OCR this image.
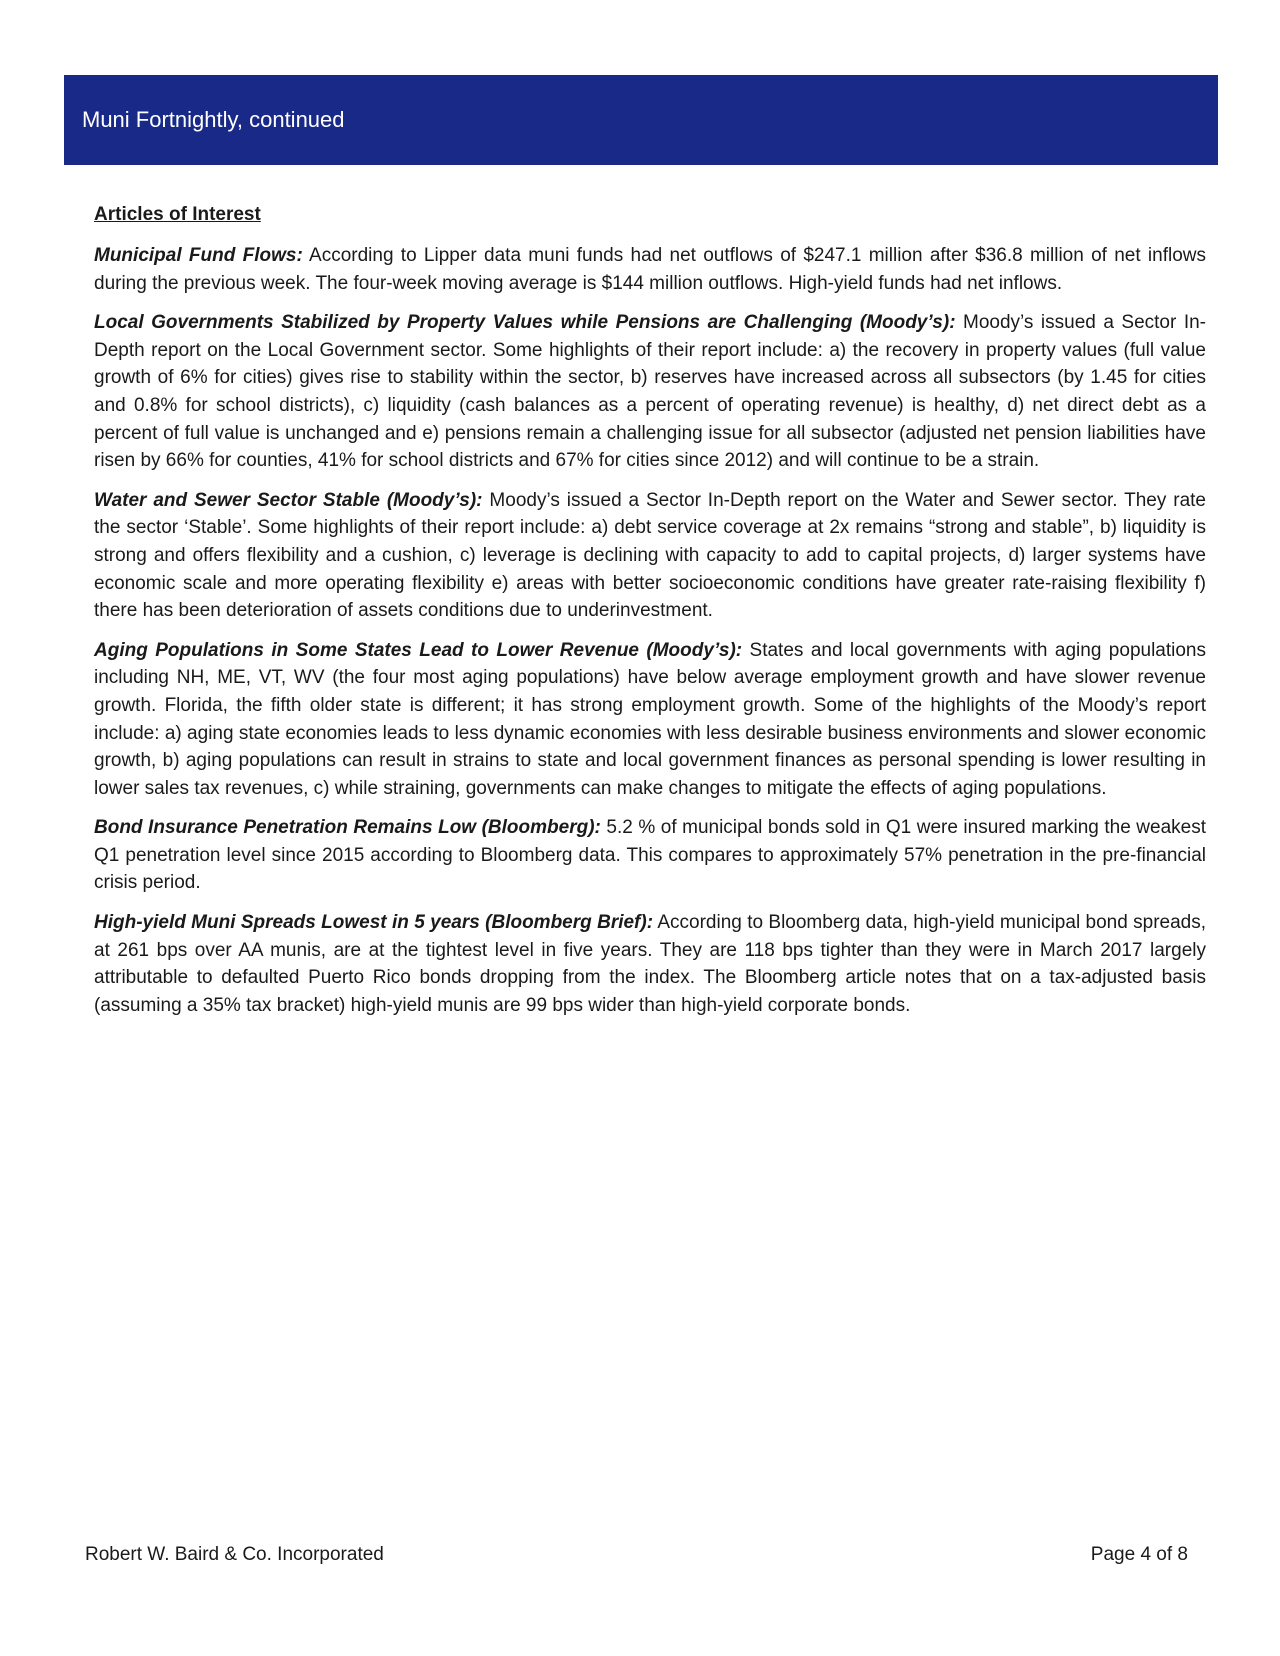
Muni Fortnightly, continued
Articles of Interest

Municipal Fund Flows: According to Lipper data muni funds had net outflows of $247.1 million after $36.8 million of net inflows during the previous week. The four-week moving average is $144 million outflows. High-yield funds had net inflows.

Local Governments Stabilized by Property Values while Pensions are Challenging (Moody’s): Moody’s issued a Sector In-Depth report on the Local Government sector. Some highlights of their report include: a) the recovery in property values (full value growth of 6% for cities) gives rise to stability within the sector, b) reserves have increased across all subsectors (by 1.45 for cities and 0.8% for school districts), c) liquidity (cash balances as a percent of operating revenue) is healthy, d) net direct debt as a percent of full value is unchanged and e) pensions remain a challenging issue for all subsector (adjusted net pension liabilities have risen by 66% for counties, 41% for school districts and 67% for cities since 2012) and will continue to be a strain.

Water and Sewer Sector Stable (Moody’s): Moody’s issued a Sector In-Depth report on the Water and Sewer sector. They rate the sector ‘Stable’. Some highlights of their report include: a) debt service coverage at 2x remains “strong and stable”, b) liquidity is strong and offers flexibility and a cushion, c) leverage is declining with capacity to add to capital projects, d) larger systems have economic scale and more operating flexibility e) areas with better socioeconomic conditions have greater rate-raising flexibility f) there has been deterioration of assets conditions due to underinvestment.

Aging Populations in Some States Lead to Lower Revenue (Moody’s): States and local governments with aging populations including NH, ME, VT, WV (the four most aging populations) have below average employment growth and have slower revenue growth. Florida, the fifth older state is different; it has strong employment growth. Some of the highlights of the Moody’s report include: a) aging state economies leads to less dynamic economies with less desirable business environments and slower economic growth, b) aging populations can result in strains to state and local government finances as personal spending is lower resulting in lower sales tax revenues, c) while straining, governments can make changes to mitigate the effects of aging populations.

Bond Insurance Penetration Remains Low (Bloomberg): 5.2 % of municipal bonds sold in Q1 were insured marking the weakest Q1 penetration level since 2015 according to Bloomberg data. This compares to approximately 57% penetration in the pre-financial crisis period.

High-yield Muni Spreads Lowest in 5 years (Bloomberg Brief): According to Bloomberg data, high-yield municipal bond spreads, at 261 bps over AA munis, are at the tightest level in five years. They are 118 bps tighter than they were in March 2017 largely attributable to defaulted Puerto Rico bonds dropping from the index. The Bloomberg article notes that on a tax-adjusted basis (assuming a 35% tax bracket) high-yield munis are 99 bps wider than high-yield corporate bonds.

Robert W. Baird & Co. Incorporated	Page 4 of 8
